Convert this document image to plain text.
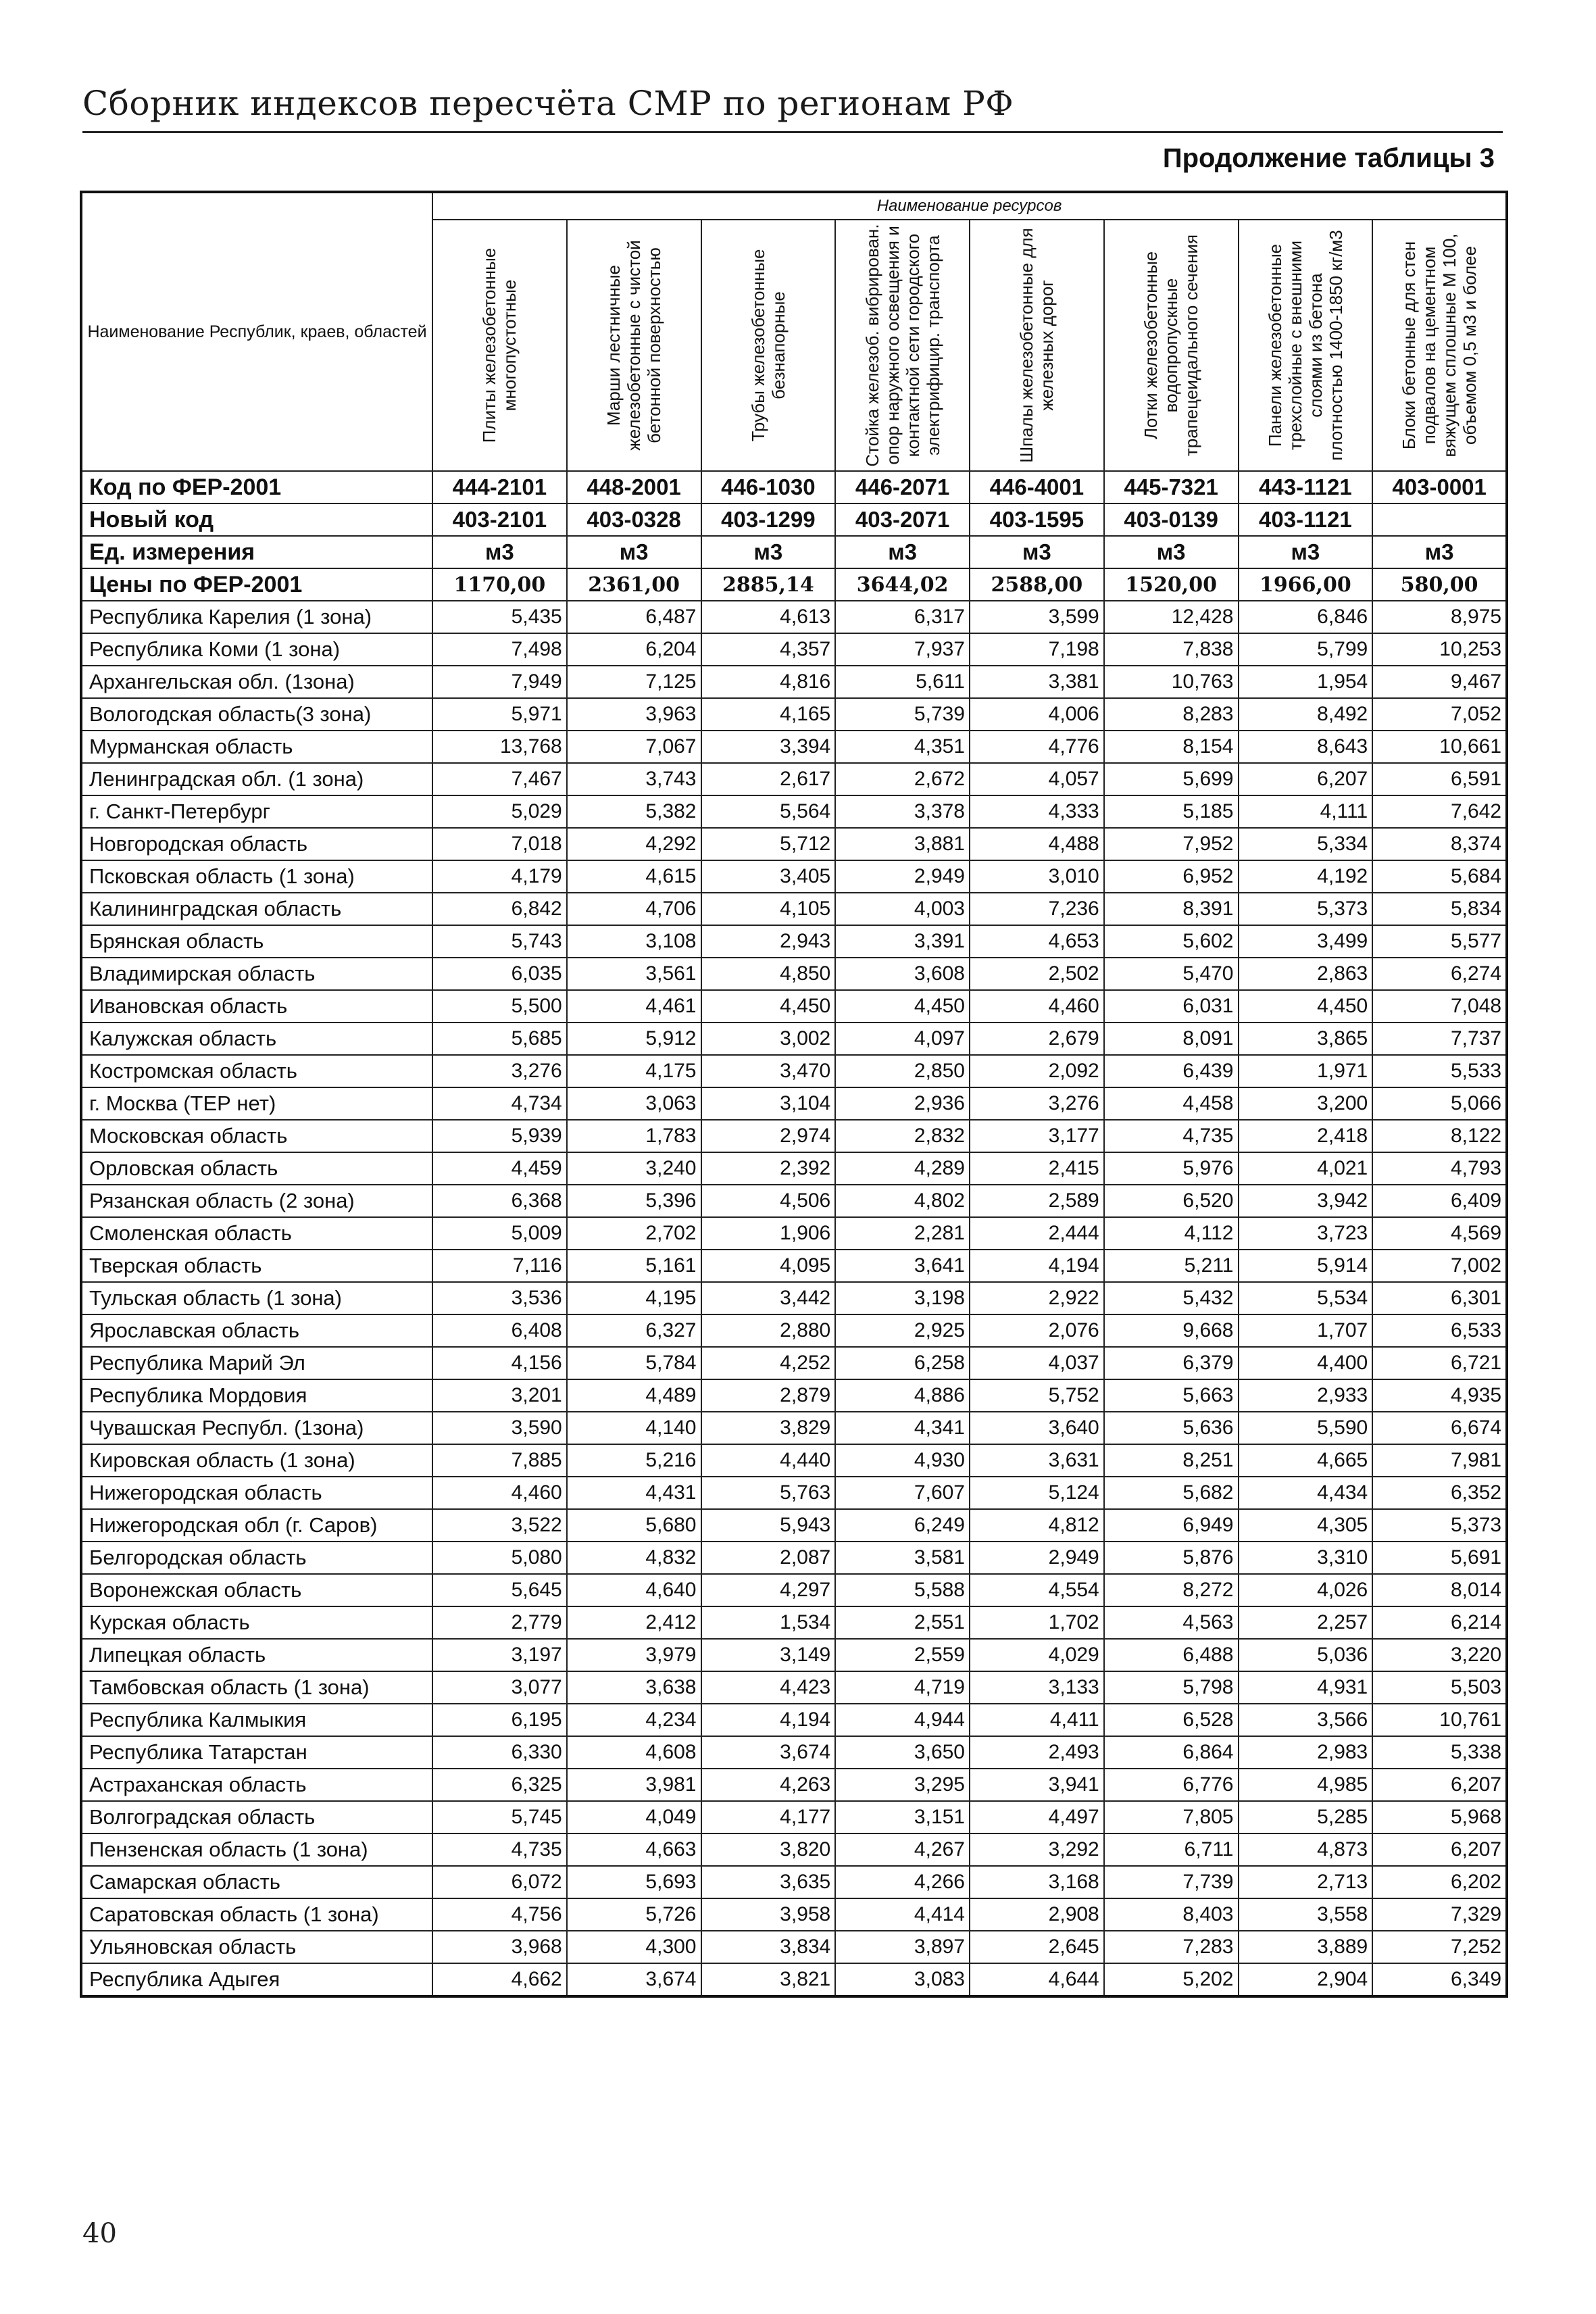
Сборник индексов пересчёта СМР по регионам РФ
Продолжение таблицы 3
Наименование Республик, краев, областей	Наименование ресурсов							

	Плиты железобетонные многопустотные	Марши лестничные железобетонные с чистой бетонной поверхностью	Трубы железобетонные безнапорные	Стойка железоб. вибрирован. опор наружного освещения и контактной сети городского электрифицир. транспорта	Шпалы железобетонные для железных дорог	Лотки железобетонные водопропускные трапецеидального сечения	Панели железобетонные трехслойные с внешними слоями из бетона плотностью 1400-1850 кг/м3	Блоки бетонные для стен подвалов на цементном вяжущем сплошные М 100, объемом 0,5 м3 и более

Код по ФЕР-2001	444-2101	448-2001	446-1030	446-2071	446-4001	445-7321	443-1121	403-0001
Новый код	403-2101	403-0328	403-1299	403-2071	403-1595	403-0139	403-1121	
Ед. измерения	м3	м3	м3	м3	м3	м3	м3	м3
Цены по ФЕР-2001	1170,00	2361,00	2885,14	3644,02	2588,00	1520,00	1966,00	580,00
Республика Карелия (1 зона)	5,435	6,487	4,613	6,317	3,599	12,428	6,846	8,975
Республика Коми (1 зона)	7,498	6,204	4,357	7,937	7,198	7,838	5,799	10,253
Архангельская обл. (1зона)	7,949	7,125	4,816	5,611	3,381	10,763	1,954	9,467
Вологодская область(3 зона)	5,971	3,963	4,165	5,739	4,006	8,283	8,492	7,052
Мурманская область	13,768	7,067	3,394	4,351	4,776	8,154	8,643	10,661
Ленинградская обл. (1 зона)	7,467	3,743	2,617	2,672	4,057	5,699	6,207	6,591
г. Санкт-Петербург	5,029	5,382	5,564	3,378	4,333	5,185	4,111	7,642
Новгородская область	7,018	4,292	5,712	3,881	4,488	7,952	5,334	8,374
Псковская область (1 зона)	4,179	4,615	3,405	2,949	3,010	6,952	4,192	5,684
Калининградская область	6,842	4,706	4,105	4,003	7,236	8,391	5,373	5,834
Брянская область	5,743	3,108	2,943	3,391	4,653	5,602	3,499	5,577
Владимирская область	6,035	3,561	4,850	3,608	2,502	5,470	2,863	6,274
Ивановская область	5,500	4,461	4,450	4,450	4,460	6,031	4,450	7,048
Калужская область	5,685	5,912	3,002	4,097	2,679	8,091	3,865	7,737
Костромская область	3,276	4,175	3,470	2,850	2,092	6,439	1,971	5,533
г. Москва (ТЕР нет)	4,734	3,063	3,104	2,936	3,276	4,458	3,200	5,066
Московская область	5,939	1,783	2,974	2,832	3,177	4,735	2,418	8,122
Орловская область	4,459	3,240	2,392	4,289	2,415	5,976	4,021	4,793
Рязанская область (2 зона)	6,368	5,396	4,506	4,802	2,589	6,520	3,942	6,409
Смоленская область	5,009	2,702	1,906	2,281	2,444	4,112	3,723	4,569
Тверская область	7,116	5,161	4,095	3,641	4,194	5,211	5,914	7,002
Тульская область (1 зона)	3,536	4,195	3,442	3,198	2,922	5,432	5,534	6,301
Ярославская область	6,408	6,327	2,880	2,925	2,076	9,668	1,707	6,533
Республика Марий Эл	4,156	5,784	4,252	6,258	4,037	6,379	4,400	6,721
Республика Мордовия	3,201	4,489	2,879	4,886	5,752	5,663	2,933	4,935
Чувашская Республ. (1зона)	3,590	4,140	3,829	4,341	3,640	5,636	5,590	6,674
Кировская область (1 зона)	7,885	5,216	4,440	4,930	3,631	8,251	4,665	7,981
Нижегородская область	4,460	4,431	5,763	7,607	5,124	5,682	4,434	6,352
Нижегородская обл (г. Саров)	3,522	5,680	5,943	6,249	4,812	6,949	4,305	5,373
Белгородская область	5,080	4,832	2,087	3,581	2,949	5,876	3,310	5,691
Воронежская область	5,645	4,640	4,297	5,588	4,554	8,272	4,026	8,014
Курская область	2,779	2,412	1,534	2,551	1,702	4,563	2,257	6,214
Липецкая область	3,197	3,979	3,149	2,559	4,029	6,488	5,036	3,220
Тамбовская область (1 зона)	3,077	3,638	4,423	4,719	3,133	5,798	4,931	5,503
Республика Калмыкия	6,195	4,234	4,194	4,944	4,411	6,528	3,566	10,761
Республика Татарстан	6,330	4,608	3,674	3,650	2,493	6,864	2,983	5,338
Астраханская область	6,325	3,981	4,263	3,295	3,941	6,776	4,985	6,207
Волгоградская область	5,745	4,049	4,177	3,151	4,497	7,805	5,285	5,968
Пензенская область (1 зона)	4,735	4,663	3,820	4,267	3,292	6,711	4,873	6,207
Самарская область	6,072	5,693	3,635	4,266	3,168	7,739	2,713	6,202
Саратовская область (1 зона)	4,756	5,726	3,958	4,414	2,908	8,403	3,558	7,329
Ульяновская область	3,968	4,300	3,834	3,897	2,645	7,283	3,889	7,252
Республика Адыгея	4,662	3,674	3,821	3,083	4,644	5,202	2,904	6,349
40
